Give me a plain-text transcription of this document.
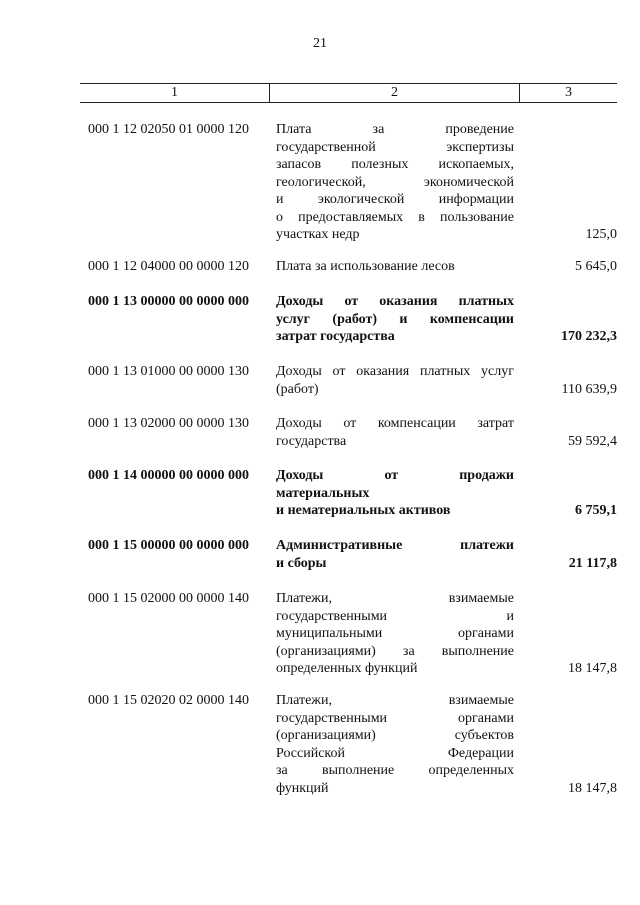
21
1	2	3
000 1 12 02050 01 0000 120	Плата за проведение
государственной экспертизы
запасов полезных ископаемых,
геологической, экономической
и экологической информации
о предоставляемых в пользование
участках недр	125,0
000 1 12 04000 00 0000 120	Плата за использование лесов	5 645,0
000 1 13 00000 00 0000 000	Доходы от оказания платных
услуг (работ) и компенсации
затрат государства	170 232,3
000 1 13 01000 00 0000 130	Доходы от оказания платных услуг
(работ)	110 639,9
000 1 13 02000 00 0000 130	Доходы от компенсации затрат
государства	59 592,4
000 1 14 00000 00 0000 000	Доходы от продажи
материальных
и нематериальных активов	6 759,1
000 1 15 00000 00 0000 000	Административные платежи
и сборы	21 117,8
000 1 15 02000 00 0000 140	Платежи, взимаемые
государственными и
муниципальными органами
(организациями) за выполнение
определенных функций	18 147,8
000 1 15 02020 02 0000 140	Платежи, взимаемые
государственными органами
(организациями) субъектов
Российской Федерации
за выполнение определенных
функций	18 147,8
